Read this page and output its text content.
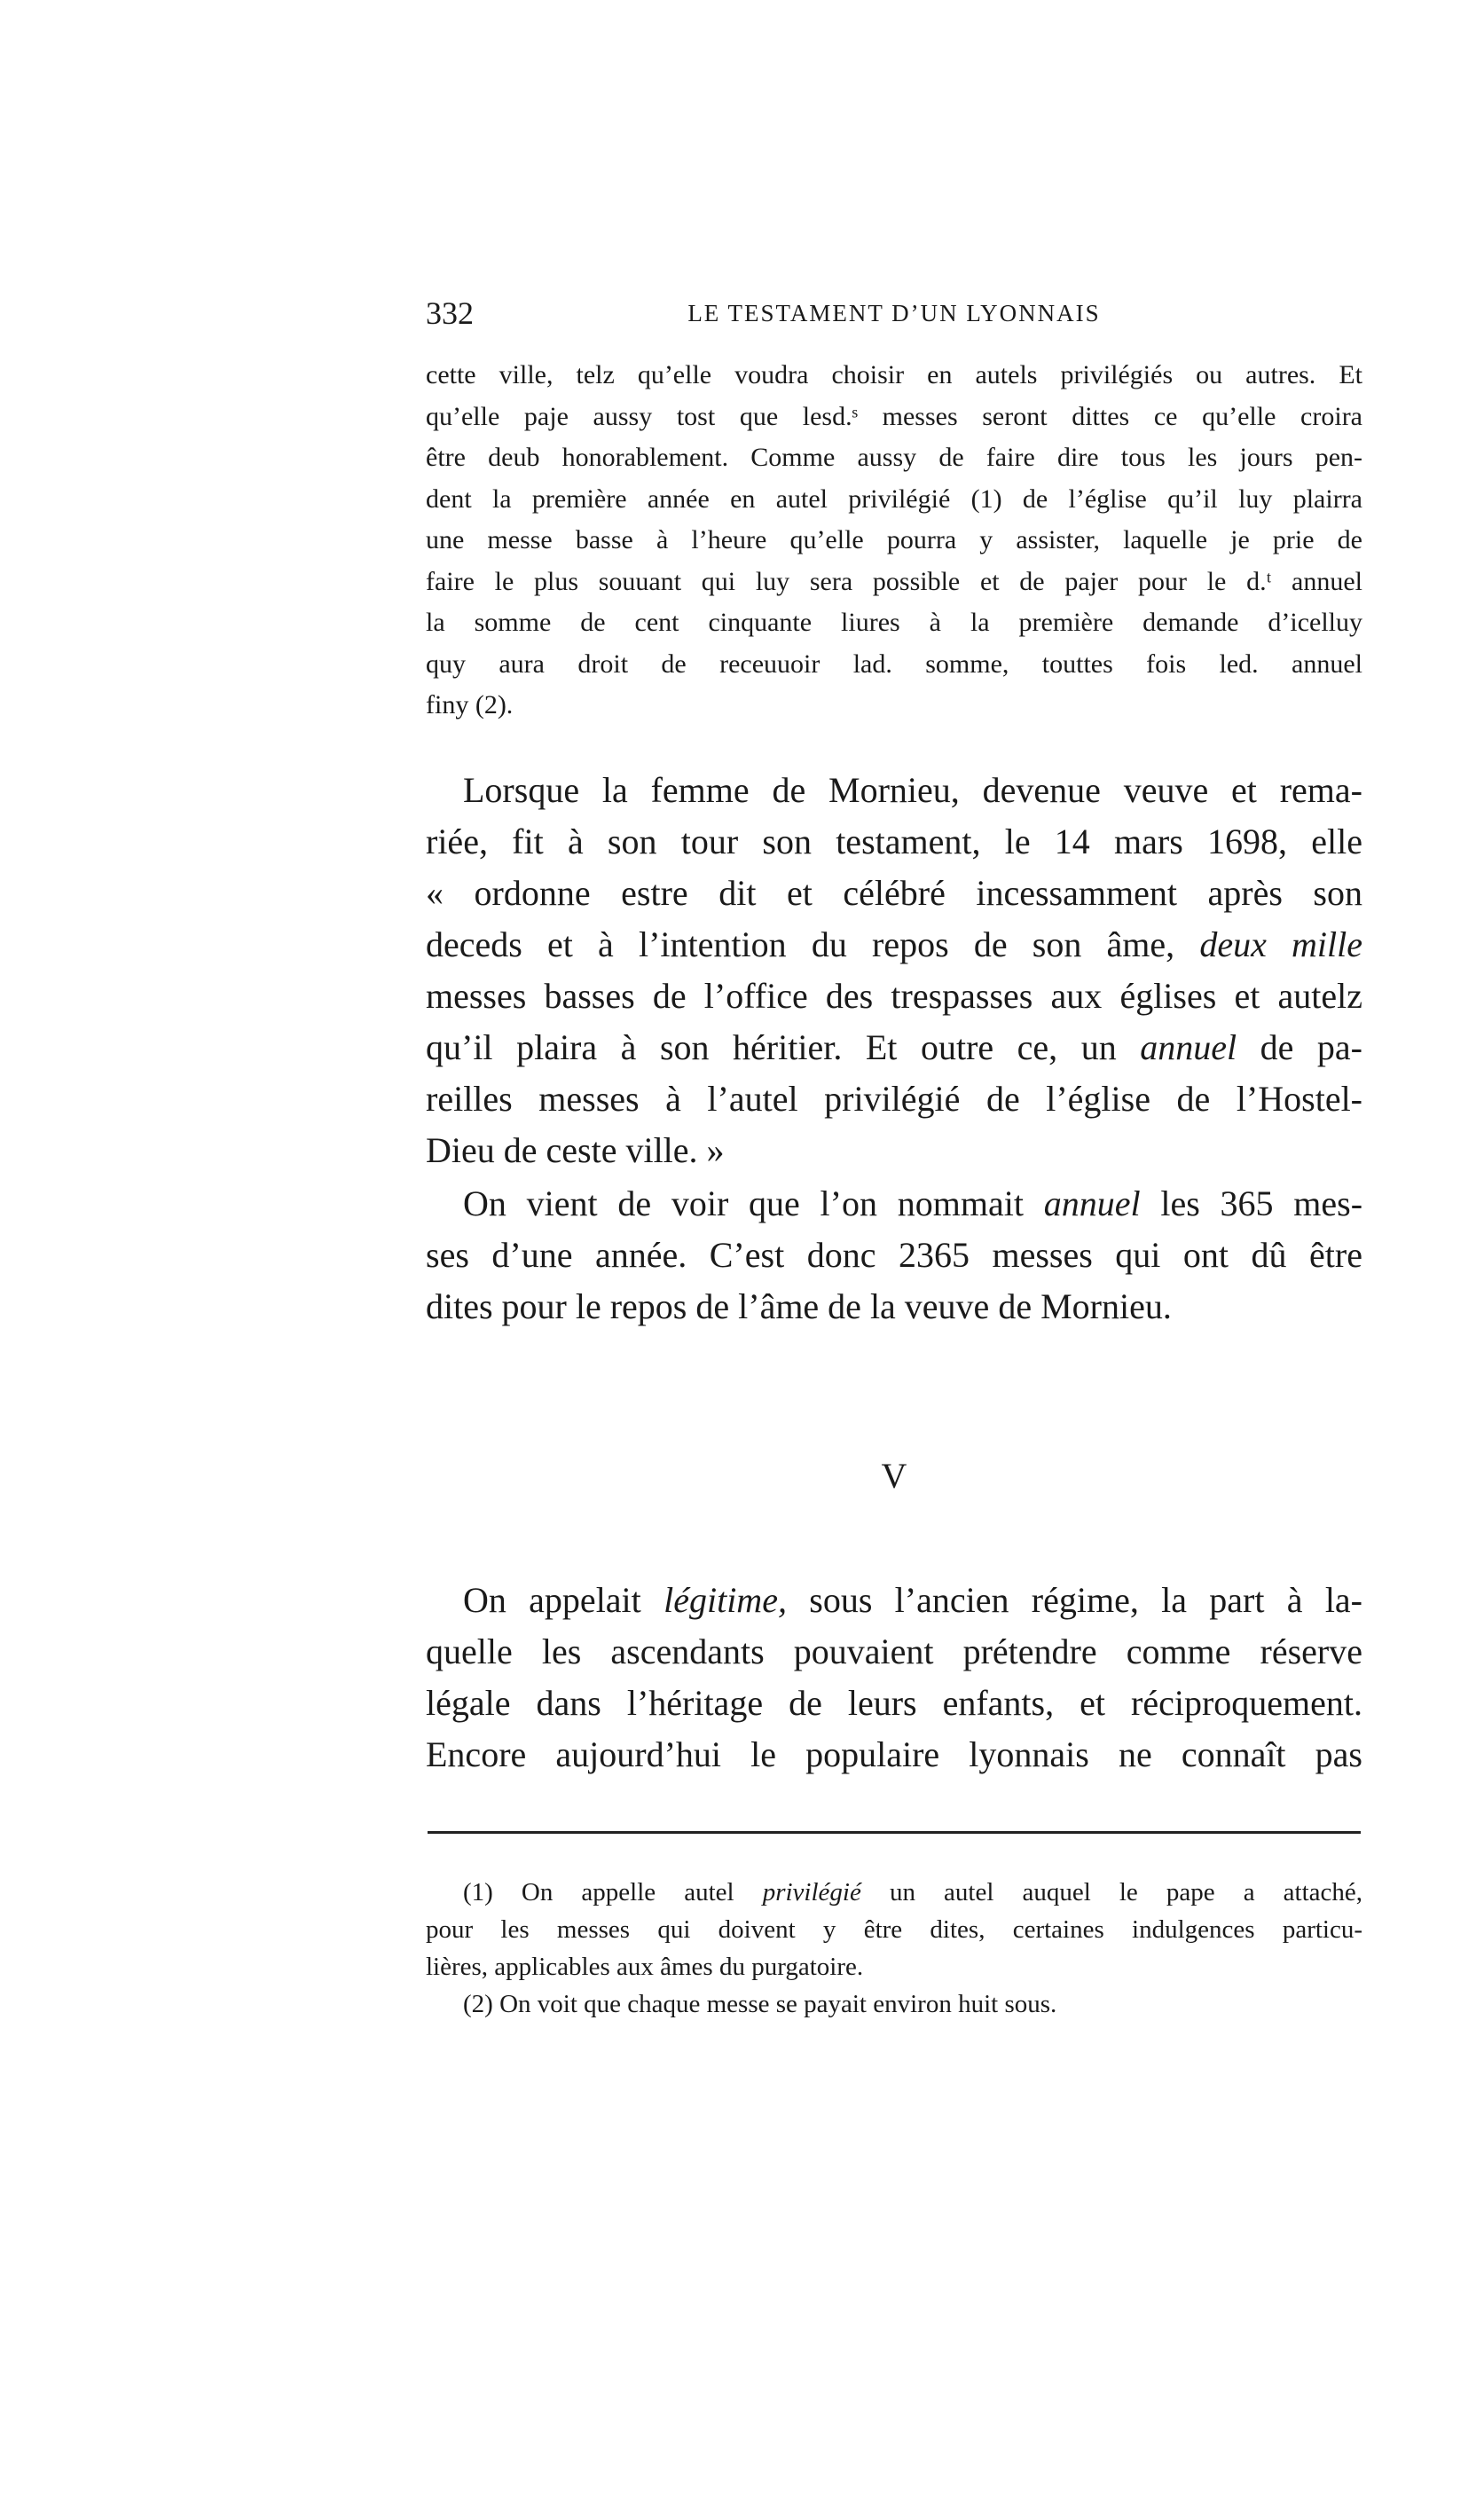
332	LE TESTAMENT D’UN LYONNAIS
cette ville, telz qu’elle voudra choisir en autels privilégiés ou autres. Et
qu’elle paje aussy tost que lesd.ˢ messes seront dittes ce qu’elle croira
être deub honorablement. Comme aussy de faire dire tous les jours pen-
dent la première année en autel privilégié (1) de l’église qu’il luy plairra
une messe basse à l’heure qu’elle pourra y assister, laquelle je prie de
faire le plus souuant qui luy sera possible et de pajer pour le d.ᵗ annuel
la somme de cent cinquante liures à la première demande d’icelluy
quy aura droit de receuuoir lad. somme, touttes fois led. annuel
finy (2).
Lorsque la femme de Mornieu, devenue veuve et rema-
riée, fit à son tour son testament, le 14 mars 1698, elle
« ordonne estre dit et célébré incessamment après son
deceds et à l’intention du repos de son âme, deux mille
messes basses de l’office des trespasses aux églises et autelz
qu’il plaira à son héritier. Et outre ce, un annuel de pa-
reilles messes à l’autel privilégié de l’église de l’Hostel-
Dieu de ceste ville. »
On vient de voir que l’on nommait annuel les 365 mes-
ses d’une année. C’est donc 2365 messes qui ont dû être
dites pour le repos de l’âme de la veuve de Mornieu.
V
On appelait légitime, sous l’ancien régime, la part à la-
quelle les ascendants pouvaient prétendre comme réserve
légale dans l’héritage de leurs enfants, et réciproquement.
Encore aujourd’hui le populaire lyonnais ne connaît pas
(1) On appelle autel privilégié un autel auquel le pape a attaché,
pour les messes qui doivent y être dites, certaines indulgences particu-
lières, applicables aux âmes du purgatoire.
(2) On voit que chaque messe se payait environ huit sous.
